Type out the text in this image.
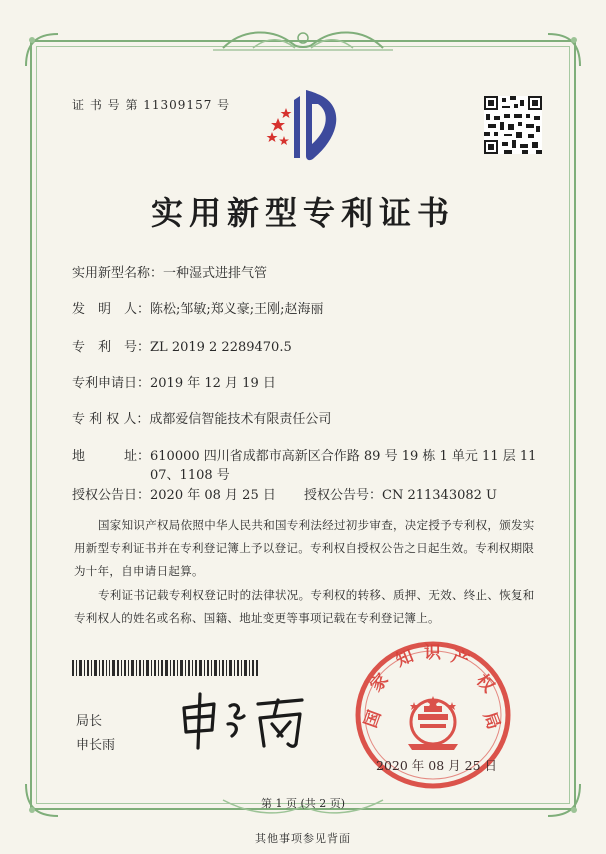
证 书 号 第 11309157 号
实用新型专利证书
实用新型名称：一种湿式进排气管
发　明　人：陈松;邹敏;郑义豪;王刚;赵海丽
专　利　号：ZL 2019 2 2289470.5
专利申请日：2019 年 12 月 19 日
专 利 权 人：成都爱信智能技术有限责任公司
地　　　址：610000 四川省成都市高新区合作路 89 号 19 栋 1 单元 11 层 11
07、1108 号
授权公告日：2020 年 08 月 25 日 授权公告号：CN 211343082 U
国家知识产权局依照中华人民共和国专利法经过初步审查，决定授予专利权，颁发实用新型专利证书并在专利登记簿上予以登记。专利权自授权公告之日起生效。专利权期限为十年，自申请日起算。
专利证书记载专利权登记时的法律状况。专利权的转移、质押、无效、终止、恢复和专利权人的姓名或名称、国籍、地址变更等事项记载在专利登记簿上。
局长
申长雨
国
家
知 识 产
权
局
2020 年 08 月 25 日
第 1 页 (共 2 页)
其他事项参见背面
